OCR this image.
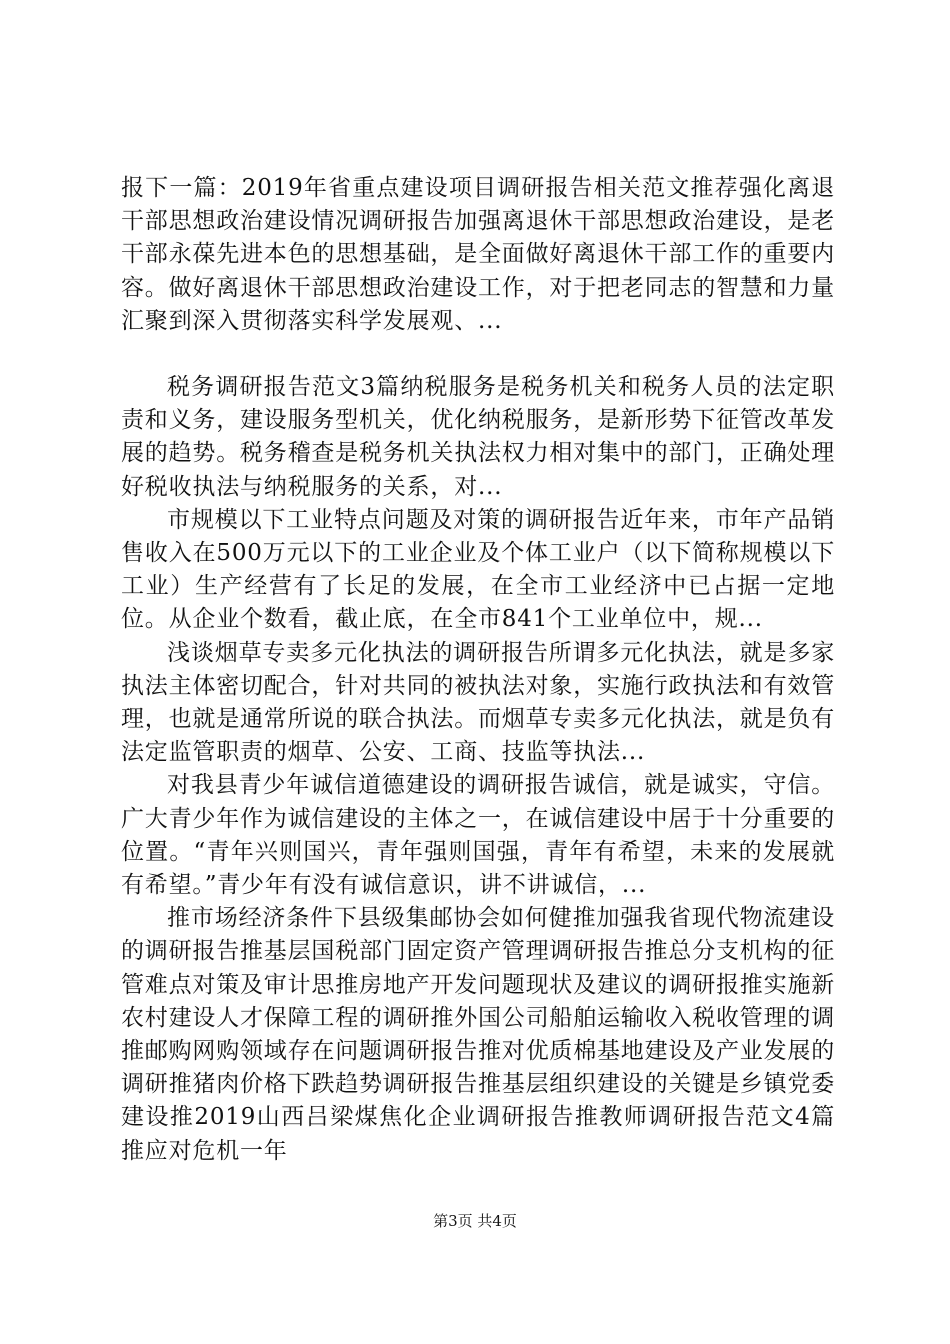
报下一篇：2019年省重点建设项目调研报告相关范文推荐强化离退干部思想政治建设情况调研报告加强离退休干部思想政治建设，是老干部永葆先进本色的思想基础，是全面做好离退休干部工作的重要内容。做好离退休干部思想政治建设工作，对于把老同志的智慧和力量汇聚到深入贯彻落实科学发展观、...

税务调研报告范文3篇纳税服务是税务机关和税务人员的法定职责和义务，建设服务型机关，优化纳税服务，是新形势下征管改革发展的趋势。税务稽查是税务机关执法权力相对集中的部门，正确处理好税收执法与纳税服务的关系，对...

市规模以下工业特点问题及对策的调研报告近年来，市年产品销售收入在500万元以下的工业企业及个体工业户（以下简称规模以下工业）生产经营有了长足的发展，在全市工业经济中已占据一定地位。从企业个数看，截止底，在全市841个工业单位中，规...

浅谈烟草专卖多元化执法的调研报告所谓多元化执法，就是多家执法主体密切配合，针对共同的被执法对象，实施行政执法和有效管理，也就是通常所说的联合执法。而烟草专卖多元化执法，就是负有法定监管职责的烟草、公安、工商、技监等执法...

对我县青少年诚信道德建设的调研报告诚信，就是诚实，守信。广大青少年作为诚信建设的主体之一，在诚信建设中居于十分重要的位置。“青年兴则国兴，青年强则国强，青年有希望，未来的发展就有希望。”青少年有没有诚信意识，讲不讲诚信，...

推市场经济条件下县级集邮协会如何健推加强我省现代物流建设的调研报告推基层国税部门固定资产管理调研报告推总分支机构的征管难点对策及审计思推房地产开发问题现状及建议的调研报推实施新农村建设人才保障工程的调研推外国公司船舶运输收入税收管理的调推邮购网购领域存在问题调研报告推对优质棉基地建设及产业发展的调研推猪肉价格下跌趋势调研报告推基层组织建设的关键是乡镇党委建设推2019山西吕梁煤焦化企业调研报告推教师调研报告范文4篇推应对危机一年

第3页 共4页
